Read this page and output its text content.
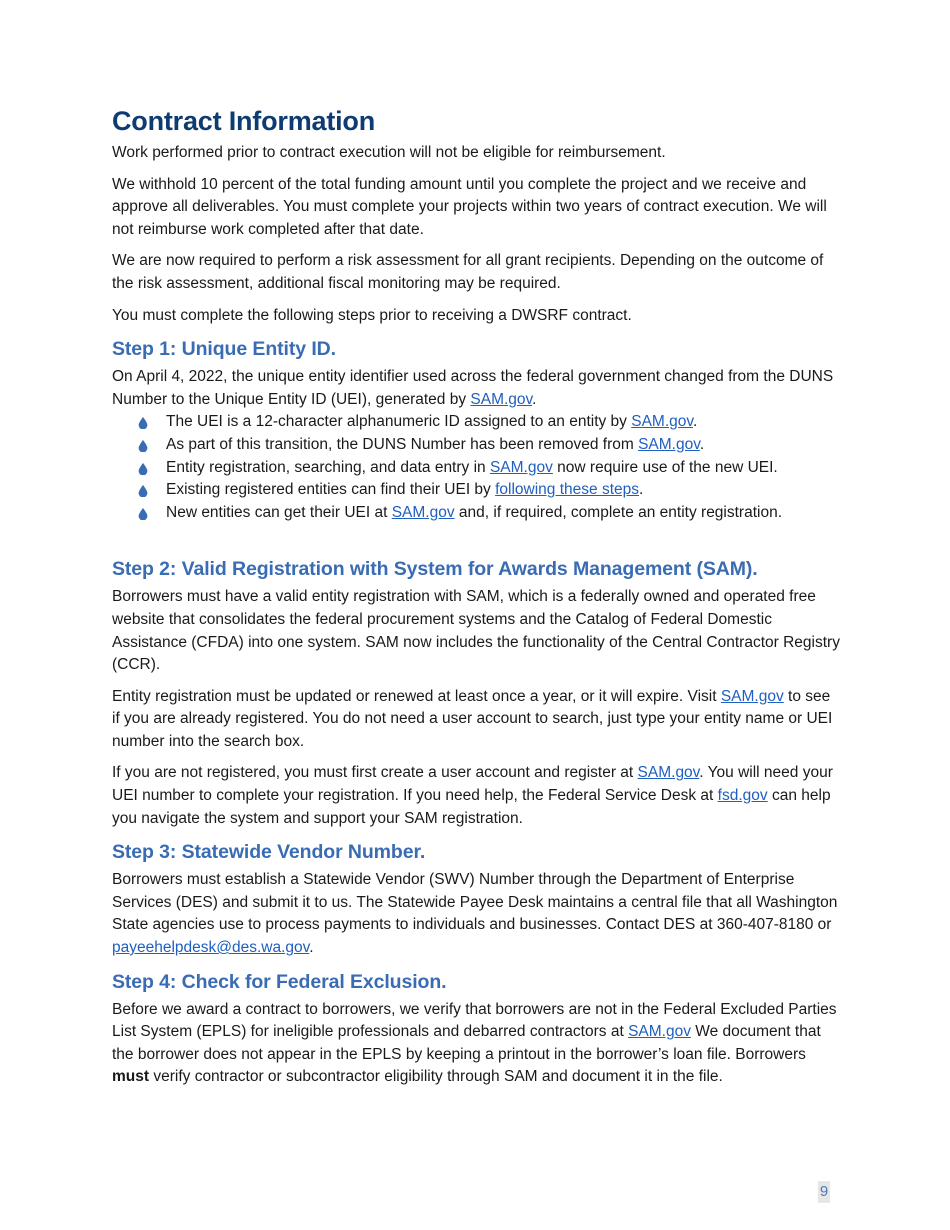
Contract Information

Work performed prior to contract execution will not be eligible for reimbursement.

We withhold 10 percent of the total funding amount until you complete the project and we receive and approve all deliverables. You must complete your projects within two years of contract execution. We will not reimburse work completed after that date.

We are now required to perform a risk assessment for all grant recipients. Depending on the outcome of the risk assessment, additional fiscal monitoring may be required.

You must complete the following steps prior to receiving a DWSRF contract.

Step 1: Unique Entity ID.

On April 4, 2022, the unique entity identifier used across the federal government changed from the DUNS Number to the Unique Entity ID (UEI), generated by SAM.gov.

The UEI is a 12-character alphanumeric ID assigned to an entity by SAM.gov.
As part of this transition, the DUNS Number has been removed from SAM.gov.
Entity registration, searching, and data entry in SAM.gov now require use of the new UEI.
Existing registered entities can find their UEI by following these steps.
New entities can get their UEI at SAM.gov and, if required, complete an entity registration.
Step 2: Valid Registration with System for Awards Management (SAM).

Borrowers must have a valid entity registration with SAM, which is a federally owned and operated free website that consolidates the federal procurement systems and the Catalog of Federal Domestic Assistance (CFDA) into one system. SAM now includes the functionality of the Central Contractor Registry (CCR).

Entity registration must be updated or renewed at least once a year, or it will expire. Visit SAM.gov to see if you are already registered. You do not need a user account to search, just type your entity name or UEI number into the search box.

If you are not registered, you must first create a user account and register at SAM.gov. You will need your UEI number to complete your registration. If you need help, the Federal Service Desk at fsd.gov can help you navigate the system and support your SAM registration.

Step 3: Statewide Vendor Number.

Borrowers must establish a Statewide Vendor (SWV) Number through the Department of Enterprise Services (DES) and submit it to us. The Statewide Payee Desk maintains a central file that all Washington State agencies use to process payments to individuals and businesses. Contact DES at 360-407-8180 or payeehelpdesk@des.wa.gov.

Step 4: Check for Federal Exclusion.

Before we award a contract to borrowers, we verify that borrowers are not in the Federal Excluded Parties List System (EPLS) for ineligible professionals and debarred contractors at SAM.gov We document that the borrower does not appear in the EPLS by keeping a printout in the borrower’s loan file. Borrowers must verify contractor or subcontractor eligibility through SAM and document it in the file.

9
